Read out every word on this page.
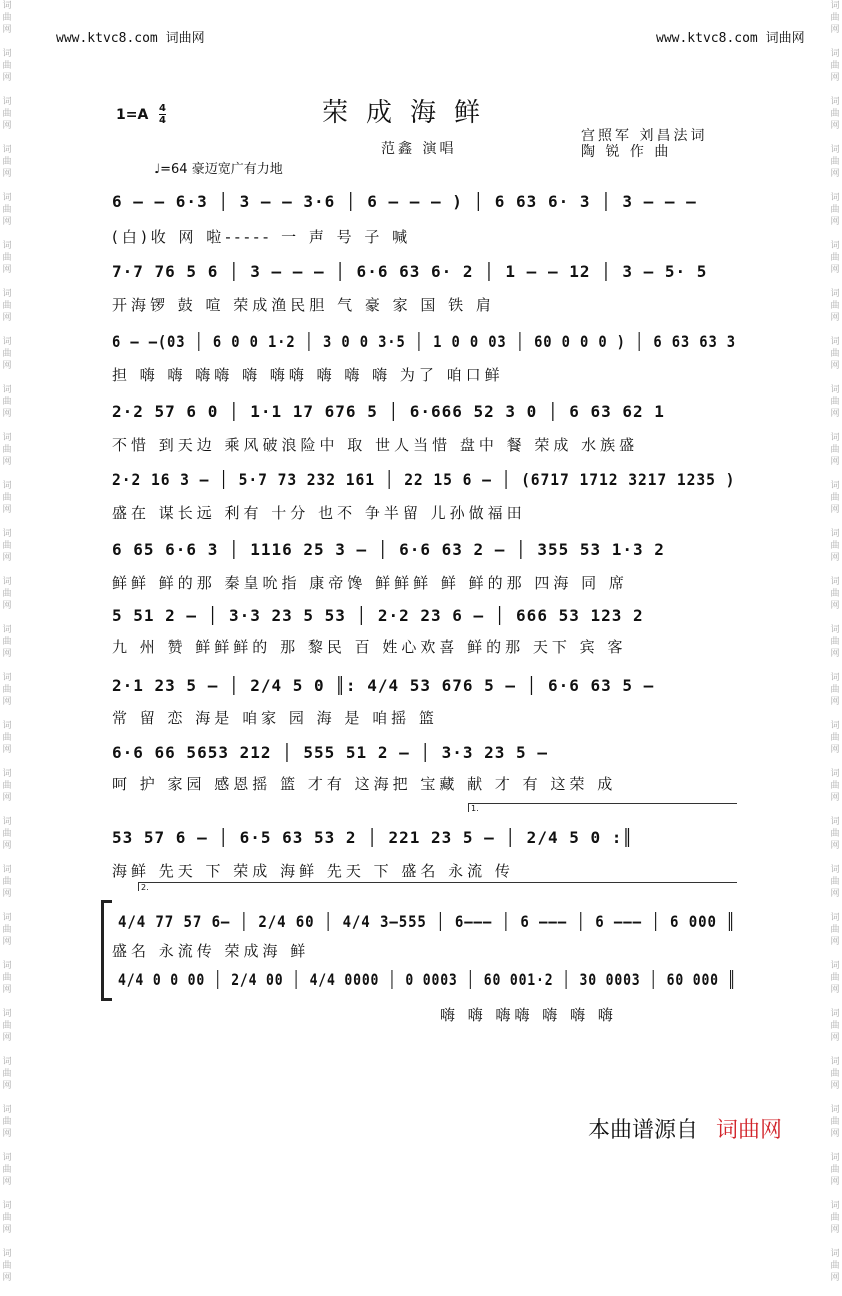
词
曲
网

词
曲
网

词
曲
网

词
曲
网

词
曲
网

词
曲
网

词
曲
网

词
曲
网

词
曲
网

词
曲
网

词
曲
网

词
曲
网

词
曲
网

词
曲
网

词
曲
网

词
曲
网

词
曲
网

词
曲
网

词
曲
网

词
曲
网

词
曲
网

词
曲
网

词
曲
网

词
曲
网

词
曲
网

词
曲
网

词
曲
网

词
曲
网

词
曲
网

词
曲
网

词
曲
网

词
曲
网

词
曲
网

词
曲
网

词
曲
网

词
曲
网

词
曲
网

词
曲
网

词
曲
网

词
曲
网

词
曲
网

词
曲
网

词
曲
网

词
曲
网

词
曲
网

词
曲
网

词
曲
网

词
曲
网

词
曲
网

词
曲
网

词
曲
网

词
曲
网

词
曲
网

词
曲
网

www.ktvc8.com 词曲网	www.ktvc8.com 词曲网
$1=A \frac{4}{4}$	荣成海鲜
范鑫 演唱
宫照军 刘昌法词
陶 锐 作 曲
♩=64 豪迈宽广有力地
6 – – 6·3 │ 3 – – 3·6 │ 6 – – – ) │ 6 63 6· 3 │ 3 – – –
(白)收 网 啦----- 一 声 号 子 喊
7·7 76 5 6 │ 3 – – – │ 6·6 63 6· 2 │ 1 – – 12 │ 3 – 5· 5
开海锣 鼓 喧 荣成渔民胆 气 豪 家 国 铁 肩
6 – –(03 │ 6 0 0 1·2 │ 3 0 0 3·5 │ 1 0 0 03 │ 60 0 0 0 ) │ 6 63 63 3
担 嗨 嗨 嗨嗨 嗨 嗨嗨 嗨 嗨 嗨 为了 咱口鲜
2·2 57 6 0 │ 1·1 17 676 5 │ 6·666 52 3 0 │ 6 63 62 1
不惜 到天边 乘风破浪险中 取 世人当惜 盘中 餐 荣成 水族盛
2·2 16 3 – │ 5·7 73 232 161 │ 22 15 6 – │ (6717 1712 3217 1235 )
盛在 谋长远 利有 十分 也不 争半留 儿孙做福田
6 65 6·6 3 │ 1116 25 3 – │ 6·6 63 2 – │ 355 53 1·3 2
鲜鲜 鲜的那 秦皇吮指 康帝馋 鲜鲜鲜 鲜 鲜的那 四海 同 席
5 51 2 – │ 3·3 23 5 53 │ 2·2 23 6 – │ 666 53 123 2
九 州 赞 鲜鲜鲜的 那 黎民 百 姓心欢喜 鲜的那 天下 宾 客
2·1 23 5 – │ 2/4 5 0 ║: 4/4 53 676 5 – │ 6·6 63 5 –
常 留 恋 海是 咱家 园 海 是 咱摇 篮
6·6 66 5653 212 │ 555 51 2 – │ 3·3 23 5 –
呵 护 家园 感恩摇 篮 才有 这海把 宝藏 献 才 有 这荣 成
53 57 6 – │ 6·5 63 53 2 │ 221 23 5 – │ 2/4 5 0 :║
海鲜 先天 下 荣成 海鲜 先天 下 盛名 永流 传
4/4 77 57 6– │ 2/4 60 │ 4/4 3–555 │ 6––– │ 6 ––– │ 6 ––– │ 6 000 ║
盛名 永流传 荣成海 鲜
4/4 0 0 00 │ 2/4 00 │ 4/4 0000 │ 0 0003 │ 60 001·2 │ 30 0003 │ 60 000 ║
嗨 嗨 嗨嗨 嗨 嗨 嗨
1.
2.
本曲谱源自 词曲网
